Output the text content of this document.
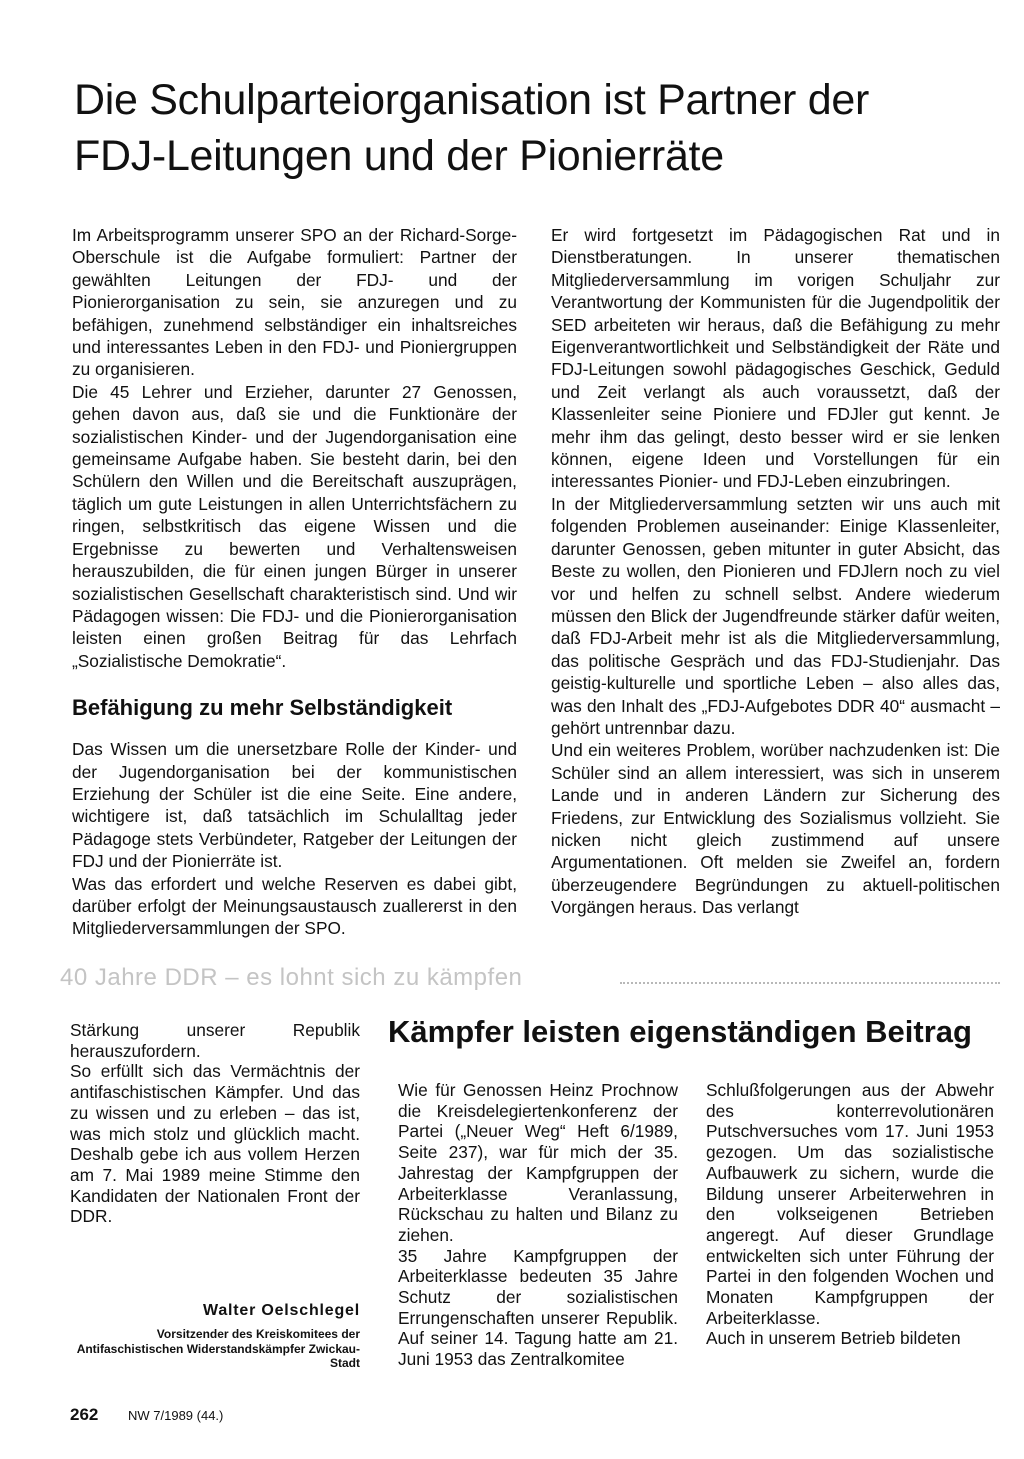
Die Schulparteiorganisation ist Partner der FDJ-Leitungen und der Pionierräte

Im Arbeitsprogramm unserer SPO an der Richard-Sorge-Oberschule ist die Aufgabe formuliert: Partner der gewählten Leitungen der FDJ- und der Pionierorganisation zu sein, sie anzuregen und zu befähigen, zunehmend selbständiger ein inhaltsreiches und interessantes Leben in den FDJ- und Pioniergruppen zu organisieren.

Die 45 Lehrer und Erzieher, darunter 27 Genossen, gehen davon aus, daß sie und die Funktionäre der sozialistischen Kinder- und der Jugendorganisation eine gemeinsame Aufgabe haben. Sie besteht darin, bei den Schülern den Willen und die Bereitschaft auszuprägen, täglich um gute Leistungen in allen Unterrichtsfächern zu ringen, selbstkritisch das eigene Wissen und die Ergebnisse zu bewerten und Verhaltensweisen herauszubilden, die für einen jungen Bürger in unserer sozialistischen Gesellschaft charakteristisch sind. Und wir Pädagogen wissen: Die FDJ- und die Pionierorganisation leisten einen großen Beitrag für das Lehrfach „Sozialistische Demokratie“.

Befähigung zu mehr Selbständigkeit

Das Wissen um die unersetzbare Rolle der Kinder- und der Jugendorganisation bei der kommunistischen Erziehung der Schüler ist die eine Seite. Eine andere, wichtigere ist, daß tatsächlich im Schulalltag jeder Pädagoge stets Verbündeter, Ratgeber der Leitungen der FDJ und der Pionierräte ist.

Was das erfordert und welche Reserven es dabei gibt, darüber erfolgt der Meinungsaustausch zuallererst in den Mitgliederversammlungen der SPO.

Er wird fortgesetzt im Pädagogischen Rat und in Dienstberatungen. In unserer thematischen Mitgliederversammlung im vorigen Schuljahr zur Verantwortung der Kommunisten für die Jugendpolitik der SED arbeiteten wir heraus, daß die Befähigung zu mehr Eigenverantwortlichkeit und Selbständigkeit der Räte und FDJ-Leitungen sowohl pädagogisches Geschick, Geduld und Zeit verlangt als auch voraussetzt, daß der Klassenleiter seine Pioniere und FDJler gut kennt. Je mehr ihm das gelingt, desto besser wird er sie lenken können, eigene Ideen und Vorstellungen für ein interessantes Pionier- und FDJ-Leben einzubringen.

In der Mitgliederversammlung setzten wir uns auch mit folgenden Problemen auseinander: Einige Klassenleiter, darunter Genossen, geben mitunter in guter Absicht, das Beste zu wollen, den Pionieren und FDJlern noch zu viel vor und helfen zu schnell selbst. Andere wiederum müssen den Blick der Jugendfreunde stärker dafür weiten, daß FDJ-Arbeit mehr ist als die Mitgliederversammlung, das politische Gespräch und das FDJ-Studienjahr. Das geistig-kulturelle und sportliche Leben – also alles das, was den Inhalt des „FDJ-Aufgebotes DDR 40“ ausmacht – gehört untrennbar dazu.

Und ein weiteres Problem, worüber nachzudenken ist: Die Schüler sind an allem interessiert, was sich in unserem Lande und in anderen Ländern zur Sicherung des Friedens, zur Entwicklung des Sozialismus vollzieht. Sie nicken nicht gleich zustimmend auf unsere Argumentationen. Oft melden sie Zweifel an, fordern überzeugendere Begründungen zu aktuell-politischen Vorgängen heraus. Das verlangt

40 Jahre DDR – es lohnt sich zu kämpfen

Stärkung unserer Republik herauszufordern.

So erfüllt sich das Vermächtnis der antifaschistischen Kämpfer. Und das zu wissen und zu erleben – das ist, was mich stolz und glücklich macht. Deshalb gebe ich aus vollem Herzen am 7. Mai 1989 meine Stimme den Kandidaten der Nationalen Front der DDR.

Walter Oelschlegel
Vorsitzender des Kreiskomitees der Antifaschistischen Widerstandskämpfer Zwickau-Stadt
Kämpfer leisten eigenständigen Beitrag

Wie für Genossen Heinz Prochnow die Kreisdelegiertenkonferenz der Partei („Neuer Weg“ Heft 6/1989, Seite 237), war für mich der 35. Jahrestag der Kampfgruppen der Arbeiterklasse Veranlassung, Rückschau zu halten und Bilanz zu ziehen.

35 Jahre Kampfgruppen der Arbeiterklasse bedeuten 35 Jahre Schutz der sozialistischen Errungenschaften unserer Republik. Auf seiner 14. Tagung hatte am 21. Juni 1953 das Zentralkomitee

Schlußfolgerungen aus der Abwehr des konterrevolutionären Putschversuches vom 17. Juni 1953 gezogen. Um das sozialistische Aufbauwerk zu sichern, wurde die Bildung unserer Arbeiterwehren in den volkseigenen Betrieben angeregt. Auf dieser Grundlage entwickelten sich unter Führung der Partei in den folgenden Wochen und Monaten Kampfgruppen der Arbeiterklasse.

Auch in unserem Betrieb bildeten

262 NW 7/1989 (44.)
